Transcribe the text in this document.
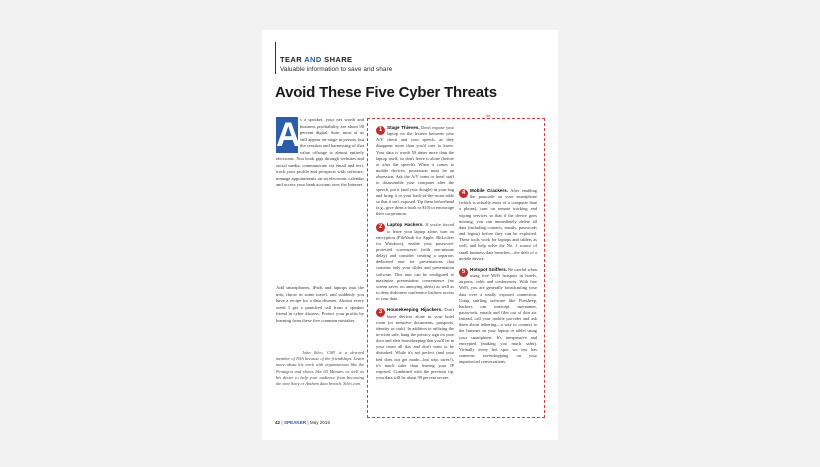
TEAR AND SHARE
Valuable information to save and share
Avoid These Five Cyber Threats
A s a speaker, your net worth and business profitability are about 90 percent digital. Sure, most of us still appear on-stage in person, but the creation and harnessing of that value offstage is almost entirely electronic. You book gigs through websites and social media, communicate via email and text, track your profile and prospects with software, manage appointments on an electronic calendar and access your bank account over the Internet.

Add smartphones, iPads and laptops into the mix, throw in some travel, and suddenly you have a recipe for a data disaster. Almost every week I get a panicked call from a speaker friend in cyber distress. Protect your profits by learning from these five common mistakes.
John Sileo, CSP, is a devoted member of NSA because of the friendships. Learn more about his work with organizations like the Pentagon and shows like 60 Minutes as well as his desire to help your audience from becoming the next Sony or Anthem data breach. Sileo.com.
✂
1	Stage Thieves. Don't expose your laptop on the lectern between your A/V check and your speech, as they disappear more than you'd care to know. Your data is worth 50 times more than the laptop itself, so don't leave it alone (before or after the speech). When it comes to mobile devices, possession must be an obsession. Ask the A/V team or hotel staff to disassemble your computer after the speech, put it (and your dongle) in your bag and bring it to your back-of-the-room table so that it isn't exposed. Tip them beforehand (e.g., give them a book or $10) to encourage their cooperation.
2	Laptop Hackers. If you're forced to leave your laptop alone, turn on encryption (FileVault for Apple, BitLocker for Windows), enable your password-protected screensaver (with one-minute delay) and consider creating a separate, dedicated user for presentations that contains only your slides and presentation software. This user can be configured to maximize presentation convenience (no screen saver, no annoying alerts) as well as to deny dishonest conference hackers access to your data.
3	Housekeeping Hijackers. Don't leave devices alone in your hotel room (or sensitive documents, passports, identity or cash). In addition to utilizing the in-room safe, hang the privacy sign on your door and alert housekeeping that you'll be in your room all day and don't want to be disturbed. While it's not perfect (and your bed does not get made—but who cares?), it's much safer than leaving your IP exposed. Combined with the previous tip, your data will be about 99 percent secure.
4	Mobile Crackers. After enabling the passcode on your smartphone (which is actually more of a computer than a phone), turn on remote tracking and wiping services so that if the device goes missing, you can immediately delete all data (including contacts, emails, passwords and logins) before they can be exploited. These tools work for laptops and tablets as well, and help solve the No. 1 source of small business data breaches—the theft of a mobile device.
5	Hotspot Sniffers. Be careful when using free WiFi hotspots in hotels, airports, cafés and conferences. With free WiFi, you are generally broadcasting your data over a totally exposed connection. Using sniffing software like Firesheep, hackers can intercept usernames, passwords, emails and files out of thin air. Instead, call your mobile provider and ask them about tethering—a way to connect to the Internet on your laptop or tablet using your smartphone. It's inexpensive and encrypted (making you much safer). Virtually every hot spot we test has someone eavesdropping on your unprotected conversations.
42 | SPEAKER | May 2015
